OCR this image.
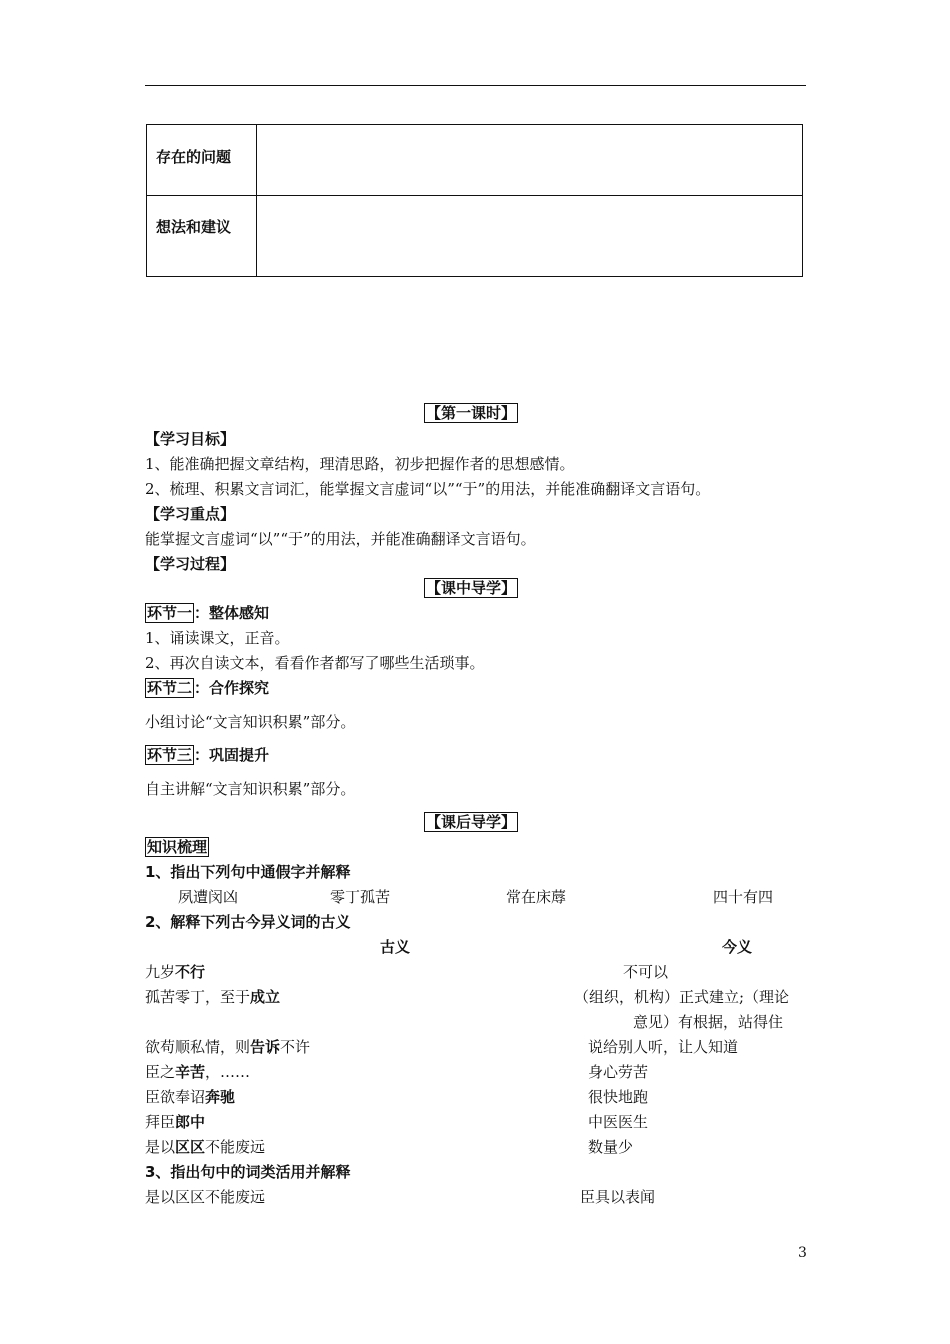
存在的问题	
想法和建议	
【第一课时】
【学习目标】
1、能准确把握文章结构，理清思路，初步把握作者的思想感情。
2、梳理、积累文言词汇，能掌握文言虚词“以”“于”的用法，并能准确翻译文言语句。
【学习重点】
能掌握文言虚词“以”“于”的用法，并能准确翻译文言语句。
【学习过程】
【课中导学】
环节一 ：整体感知
1、诵读课文，正音。
2、再次自读文本，看看作者都写了哪些生活琐事。
环节二 ：合作探究
小组讨论“文言知识积累”部分。
环节三 ：巩固提升
自主讲解“文言知识积累”部分。
【课后导学】
知识梳理
1、指出下列句中通假字并解释
夙遭闵凶	零丁孤苦	常在床蓐	四十有四
2、解释下列古今异义词的古义
古义	今义
九岁不行	不可以
孤苦零丁，至于成立	（组织，机构）正式建立;（理论
意见）有根据，站得住
欲苟顺私情，则告诉不许	说给别人听，让人知道
臣之辛苦，……	身心劳苦
臣欲奉诏奔驰	很快地跑
拜臣郎中	中医医生
是以区区不能废远	数量少
3、指出句中的词类活用并解释
是以区区不能废远	臣具以表闻
3
